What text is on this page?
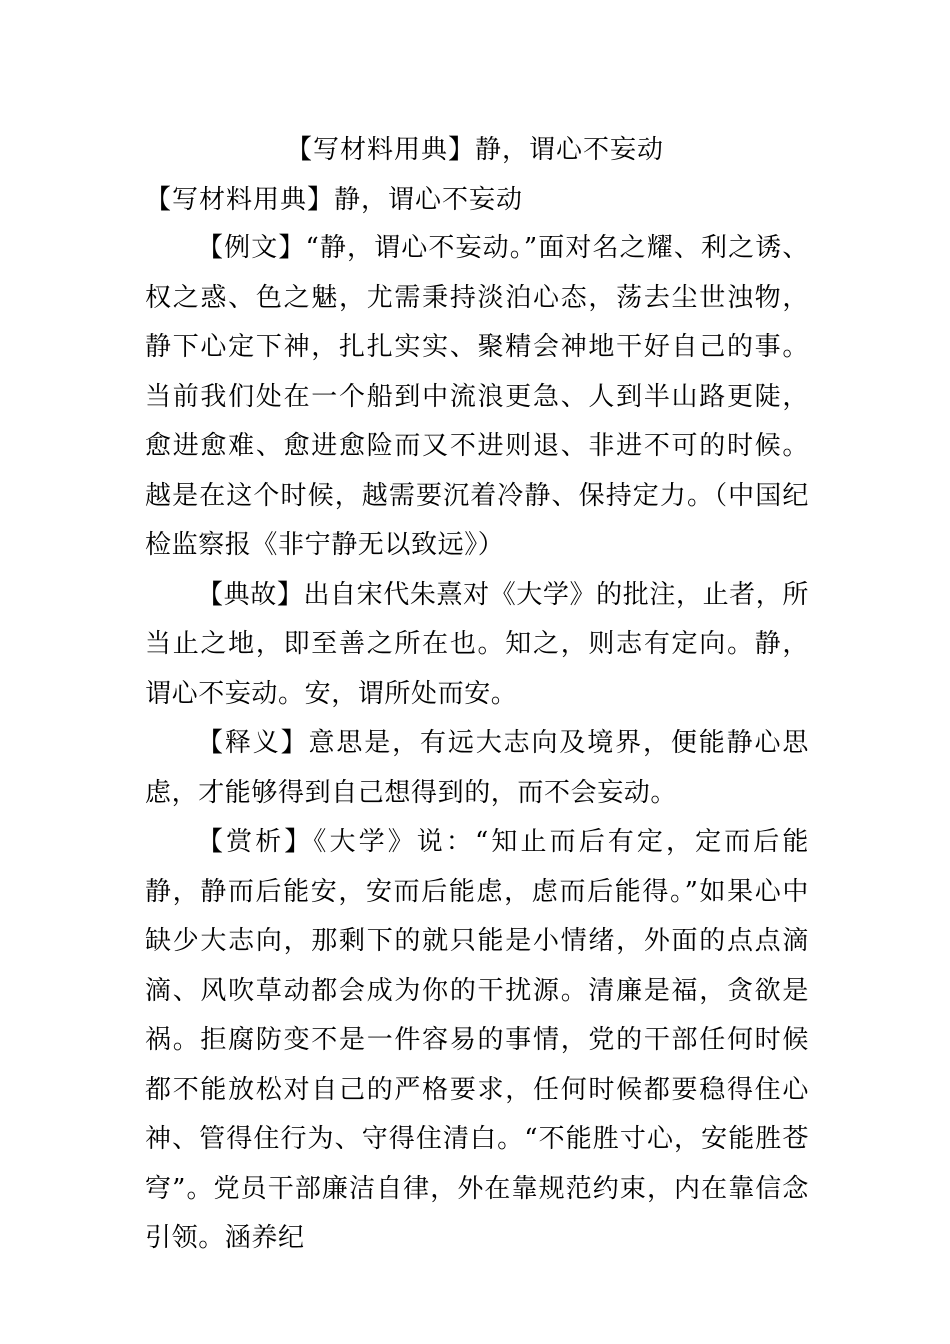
【写材料用典】静，谓心不妄动
【写材料用典】静，谓心不妄动

【例文】“静，谓心不妄动。”面对名之耀、利之诱、权之惑、色之魅，尤需秉持淡泊心态，荡去尘世浊物，静下心定下神，扎扎实实、聚精会神地干好自己的事。当前我们处在一个船到中流浪更急、人到半山路更陡，愈进愈难、愈进愈险而又不进则退、非进不可的时候。越是在这个时候，越需要沉着冷静、保持定力。（中国纪检监察报《非宁静无以致远》）

【典故】出自宋代朱熹对《大学》的批注，止者，所当止之地，即至善之所在也。知之，则志有定向。静，谓心不妄动。安，谓所处而安。

【释义】意思是，有远大志向及境界，便能静心思虑，才能够得到自己想得到的，而不会妄动。

【赏析】《大学》说：“知止而后有定，定而后能静，静而后能安，安而后能虑，虑而后能得。”如果心中缺少大志向，那剩下的就只能是小情绪，外面的点点滴滴、风吹草动都会成为你的干扰源。清廉是福，贪欲是祸。拒腐防变不是一件容易的事情，党的干部任何时候都不能放松对自己的严格要求，任何时候都要稳得住心神、管得住行为、守得住清白。“不能胜寸心，安能胜苍穹”。党员干部廉洁自律，外在靠规范约束，内在靠信念引领。涵养纪
